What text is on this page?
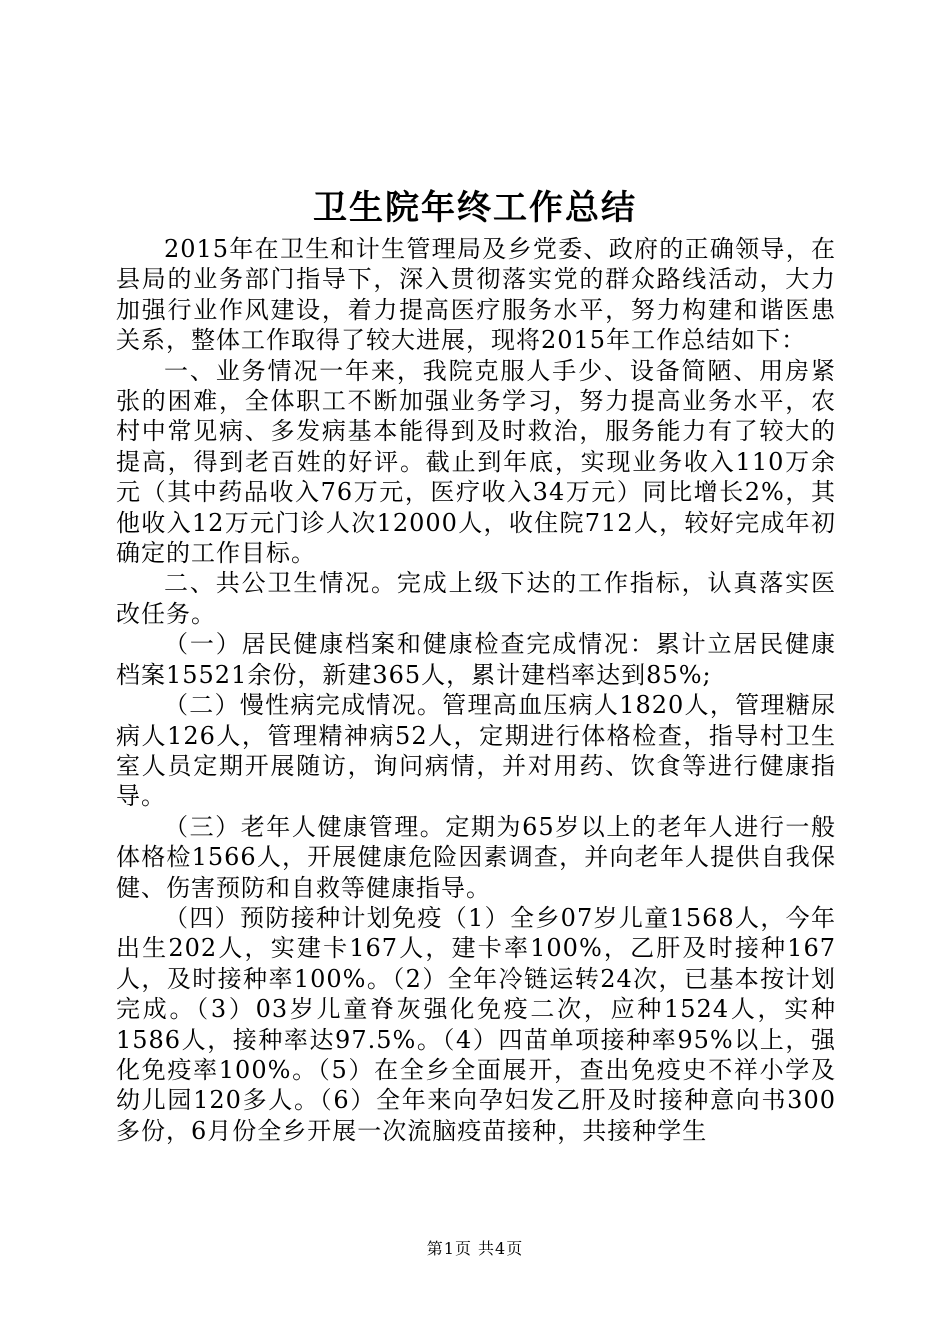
卫生院年终工作总结

2015年在卫生和计生管理局及乡党委、政府的正确领导，在县局的业务部门指导下，深入贯彻落实党的群众路线活动，大力加强行业作风建设，着力提高医疗服务水平，努力构建和谐医患关系，整体工作取得了较大进展，现将2015年工作总结如下：

一、业务情况一年来，我院克服人手少、设备简陋、用房紧张的困难，全体职工不断加强业务学习，努力提高业务水平，农村中常见病、多发病基本能得到及时救治，服务能力有了较大的提高，得到老百姓的好评。截止到年底，实现业务收入110万余元（其中药品收入76万元，医疗收入34万元）同比增长2%，其他收入12万元门诊人次12000人，收住院712人，较好完成年初确定的工作目标。

二、共公卫生情况。完成上级下达的工作指标，认真落实医改任务。

（一）居民健康档案和健康检查完成情况：累计立居民健康档案15521余份，新建365人，累计建档率达到85%;

（二）慢性病完成情况。管理高血压病人1820人，管理糖尿病人126人，管理精神病52人，定期进行体格检查，指导村卫生室人员定期开展随访，询问病情，并对用药、饮食等进行健康指导。

（三）老年人健康管理。定期为65岁以上的老年人进行一般体格检1566人，开展健康危险因素调查，并向老年人提供自我保健、伤害预防和自救等健康指导。

（四）预防接种计划免疫（1）全乡07岁儿童1568人，今年出生202人，实建卡167人，建卡率100%，乙肝及时接种167人，及时接种率100%。（2）全年冷链运转24次，已基本按计划完成。（3）03岁儿童脊灰强化免疫二次，应种1524人，实种1586人，接种率达97.5%。（4）四苗单项接种率95%以上，强化免疫率100%。（5）在全乡全面展开，查出免疫史不祥小学及幼儿园120多人。（6）全年来向孕妇发乙肝及时接种意向书300多份，6月份全乡开展一次流脑疫苗接种，共接种学生

第1页 共4页
